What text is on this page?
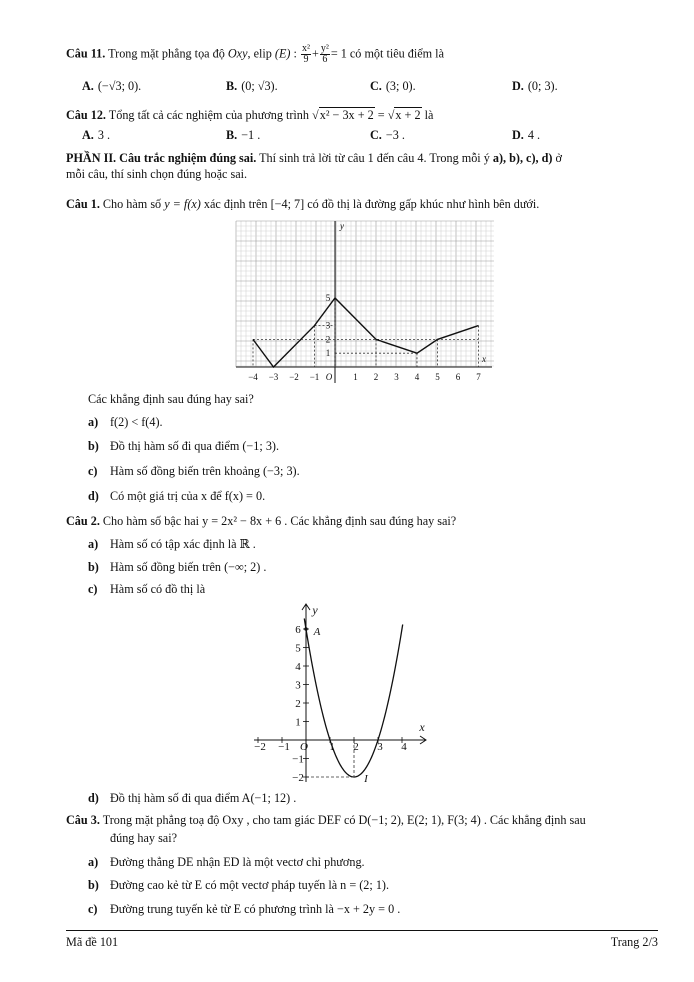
Câu 11. Trong mặt phẳng tọa độ Oxy, elip (E) : $\frac{\text{x²}}{9} + \frac{\text{y²}}{6} = 1$ có một tiêu điểm là
A. (−√3; 0).	B. (0; √3).	C. (3; 0).	D. (0; 3).
Câu 12. Tổng tất cả các nghiệm của phương trình √x² − 3x + 2 = √x + 2 là
A. 3 .	B. −1 .	C. −3 .	D. 4 .
PHẦN II. Câu trắc nghiệm đúng sai. Thí sinh trả lời từ câu 1 đến câu 4. Trong mỗi ý a), b), c), d) ở
mỗi câu, thí sinh chọn đúng hoặc sai.
Câu 1. Cho hàm số y = f(x) xác định trên [−4; 7] có đồ thị là đường gấp khúc như hình bên dưới.
−4 −3 −2 −1	1 2 3 4 5 6 7
1
2
3
5
O
x
y
Các khẳng định sau đúng hay sai?
a) f(2) < f(4).
b) Đồ thị hàm số đi qua điểm (−1; 3).
c) Hàm số đồng biến trên khoảng (−3; 3).
d) Có một giá trị của x để f(x) = 0.
Câu 2. Cho hàm số bậc hai y = 2x² − 8x + 6 . Các khẳng định sau đúng hay sai?
a) Hàm số có tập xác định là ℝ .
b) Hàm số đồng biến trên (−∞; 2) .
c) Hàm số có đồ thị là
−2 −1	1 2 3 4
−2
−1
1
2
3
4
5
6
O
x
y
A
I
d) Đồ thị hàm số đi qua điểm A(−1; 12) .
Câu 3. Trong mặt phẳng toạ độ Oxy , cho tam giác DEF có D(−1; 2), E(2; 1), F(3; 4) . Các khẳng định sau
đúng hay sai?
a) Đường thẳng DE nhận ED là một vectơ chỉ phương.
b) Đường cao kẻ từ E có một vectơ pháp tuyến là n = (2; 1).
c) Đường trung tuyến kẻ từ E có phương trình là −x + 2y = 0 .
Mã đề 101	Trang 2/3
